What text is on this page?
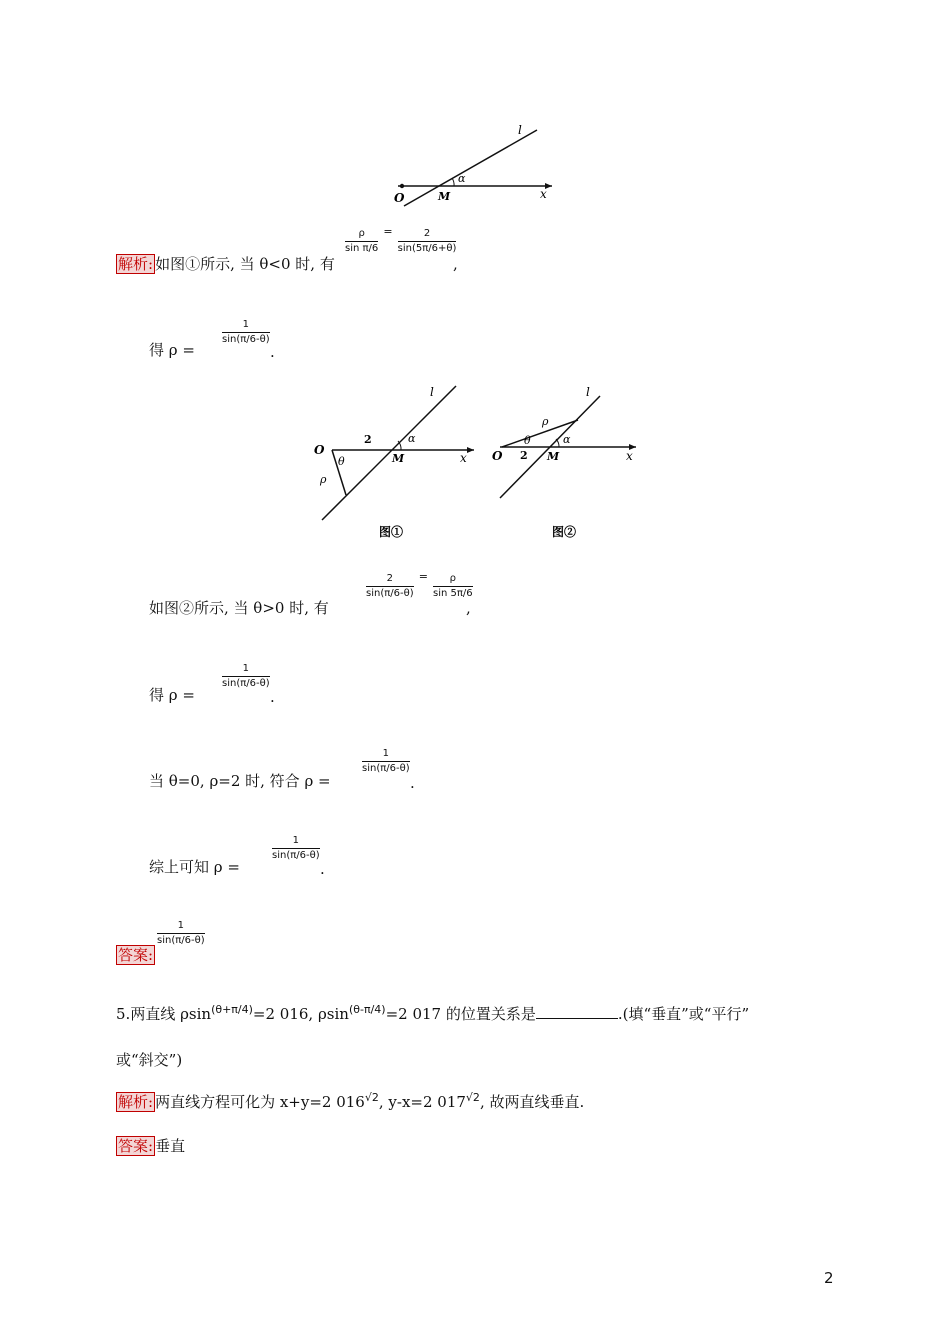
O	M	x
l
α
$\frac{\rho}{\text{sin π/6}} = \frac{2}{\sin(5\pi/6+\theta)}$
解析: 如图①所示, 当 θ<0 时, 有	,
$\frac{1}{\sin(\pi/6-\theta)}$
得 ρ =	.
O
θ
ρ
2
M	x
l
α
图①
O
θ
ρ
2 M	x
l
α
图②
$\frac{2}{\sin(\pi/6-\theta)} = \frac{\rho}{\sin 5\pi/6}$
如图②所示, 当 θ>0 时, 有	,
$\frac{1}{\sin(\pi/6-\theta)}$
得 ρ =	.
$\frac{1}{\sin(\pi/6-\theta)}$
当 θ=0, ρ=2 时, 符合 ρ =	.
$\frac{1}{\sin(\pi/6-\theta)}$
综上可知 ρ =	.
$\frac{1}{\sin(\pi/6-\theta)}$
答案:
5.两直线 ρsin$^{(\theta+\pi/4)}$=2 016, ρsin$^{(\theta-\pi/4)}$=2 017 的位置关系是	.(填“垂直”或“平行”
或“斜交”)
解析: 两直线方程可化为 x+y=2 $016^{√2}$, y-x=2 $017^{√2}$, 故两直线垂直.
答案: 垂直
2
